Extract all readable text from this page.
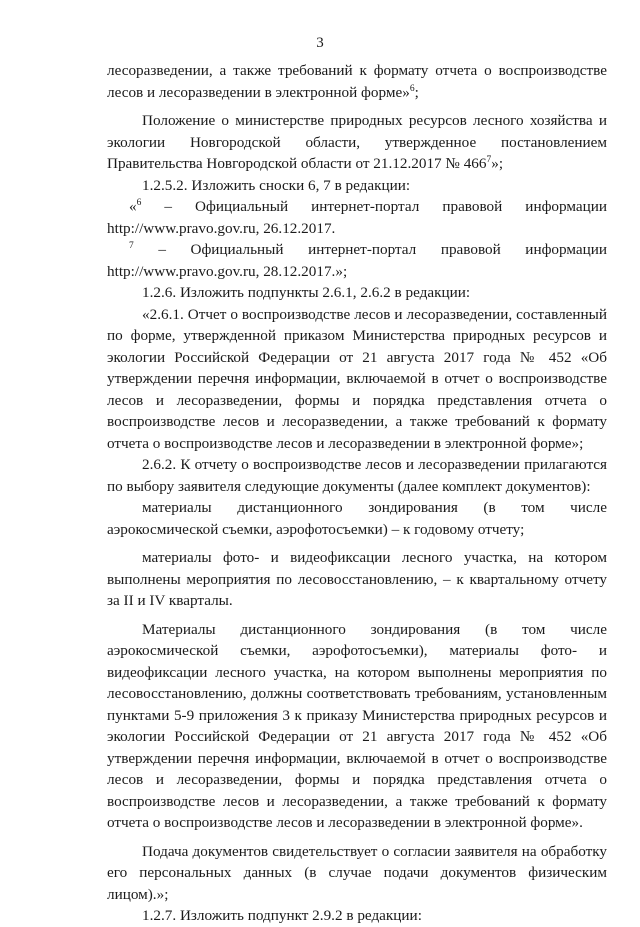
3

лесоразведении, а также требований к формату отчета о воспроизводстве лесов и лесоразведении в электронной форме»$^6$;

Положение о министерстве природных ресурсов лесного хозяйства и экологии Новгородской области, утвержденное постановлением Правительства Новгородской области от 21.12.2017 № $466^7$»;

1.2.5.2. Изложить сноски 6, 7 в редакции:

«$^6$ – Официальный интернет-портал правовой информации http://www.pravo.gov.ru, 26.12.2017.

$^7$ – Официальный интернет-портал правовой информации http://www.pravo.gov.ru, 28.12.2017.»;

1.2.6. Изложить подпункты 2.6.1, 2.6.2 в редакции:

«2.6.1. Отчет о воспроизводстве лесов и лесоразведении, составленный по форме, утвержденной приказом Министерства природных ресурсов и экологии Российской Федерации от 21 августа 2017 года № 452 «Об утверждении перечня информации, включаемой в отчет о воспроизводстве лесов и лесоразведении, формы и порядка представления отчета о воспроизводстве лесов и лесоразведении, а также требований к формату отчета о воспроизводстве лесов и лесоразведении в электронной форме»;

2.6.2. К отчету о воспроизводстве лесов и лесоразведении прилагаются по выбору заявителя следующие документы (далее комплект документов):

материалы дистанционного зондирования (в том числе аэрокосмической съемки, аэрофотосъемки) – к годовому отчету;

материалы фото- и видеофиксации лесного участка, на котором выполнены мероприятия по лесовосстановлению, – к квартальному отчету за II и IV кварталы.

Материалы дистанционного зондирования (в том числе аэрокосмической съемки, аэрофотосъемки), материалы фото- и видеофиксации лесного участка, на котором выполнены мероприятия по лесовосстановлению, должны соответствовать требованиям, установленным пунктами 5-9 приложения 3 к приказу Министерства природных ресурсов и экологии Российской Федерации от 21 августа 2017 года № 452 «Об утверждении перечня информации, включаемой в отчет о воспроизводстве лесов и лесоразведении, формы и порядка представления отчета о воспроизводстве лесов и лесоразведении, а также требований к формату отчета о воспроизводстве лесов и лесоразведении в электронной форме».

Подача документов свидетельствует о согласии заявителя на обработку его персональных данных (в случае подачи документов физическим лицом).»;

1.2.7. Изложить подпункт 2.9.2 в редакции:
